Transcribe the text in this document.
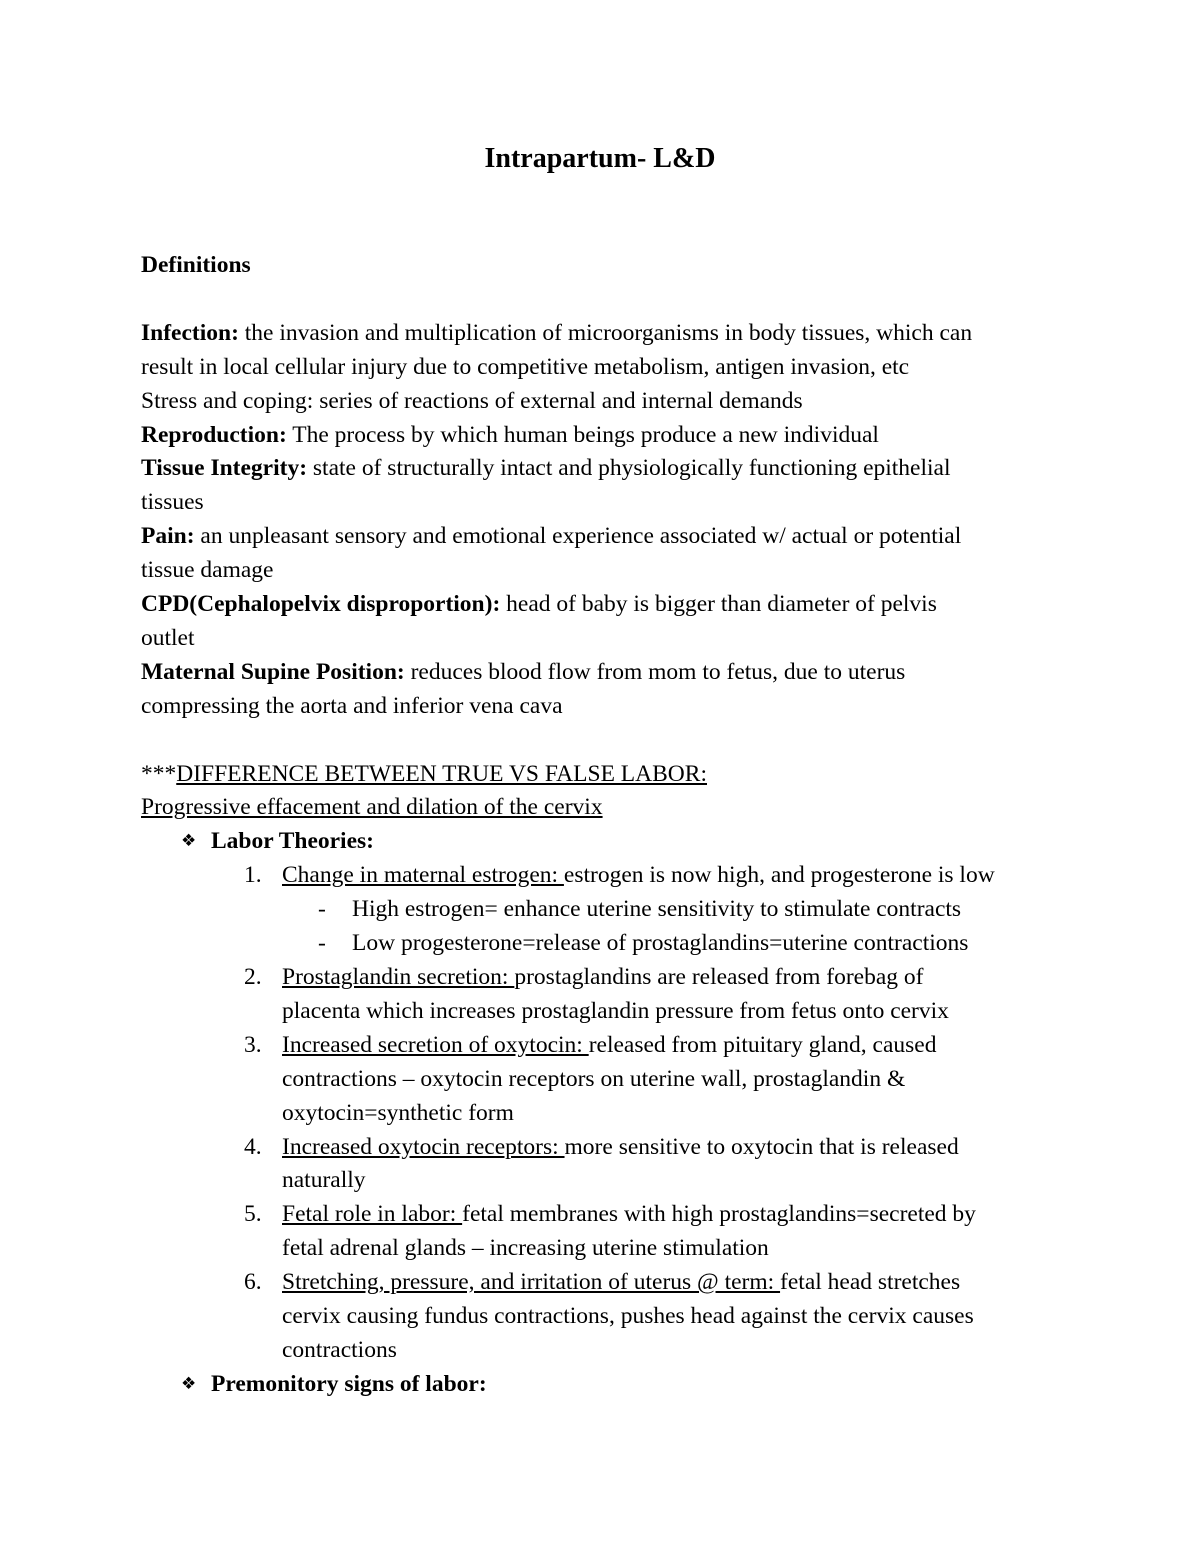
Intrapartum- L&D

Definitions

Infection: the invasion and multiplication of microorganisms in body tissues, which can

result in local cellular injury due to competitive metabolism, antigen invasion, etc

Stress and coping: series of reactions of external and internal demands

Reproduction: The process by which human beings produce a new individual

Tissue Integrity: state of structurally intact and physiologically functioning epithelial

tissues

Pain: an unpleasant sensory and emotional experience associated w/ actual or potential

tissue damage

CPD(Cephalopelvix disproportion): head of baby is bigger than diameter of pelvis

outlet

Maternal Supine Position: reduces blood flow from mom to fetus, due to uterus

compressing the aorta and inferior vena cava

***DIFFERENCE BETWEEN TRUE VS FALSE LABOR:

Progressive effacement and dilation of the cervix

❖ Labor Theories:

1. Change in maternal estrogen: estrogen is now high, and progesterone is low
- High estrogen= enhance uterine sensitivity to stimulate contracts
- Low progesterone=release of prostaglandins=uterine contractions
2. Prostaglandin secretion: prostaglandins are released from forebag of
placenta which increases prostaglandin pressure from fetus onto cervix
3. Increased secretion of oxytocin: released from pituitary gland, caused
contractions – oxytocin receptors on uterine wall, prostaglandin &
oxytocin=synthetic form
4. Increased oxytocin receptors: more sensitive to oxytocin that is released
naturally
5. Fetal role in labor: fetal membranes with high prostaglandins=secreted by
fetal adrenal glands – increasing uterine stimulation
6. Stretching, pressure, and irritation of uterus @ term: fetal head stretches
cervix causing fundus contractions, pushes head against the cervix causes
contractions

❖ Premonitory signs of labor:
